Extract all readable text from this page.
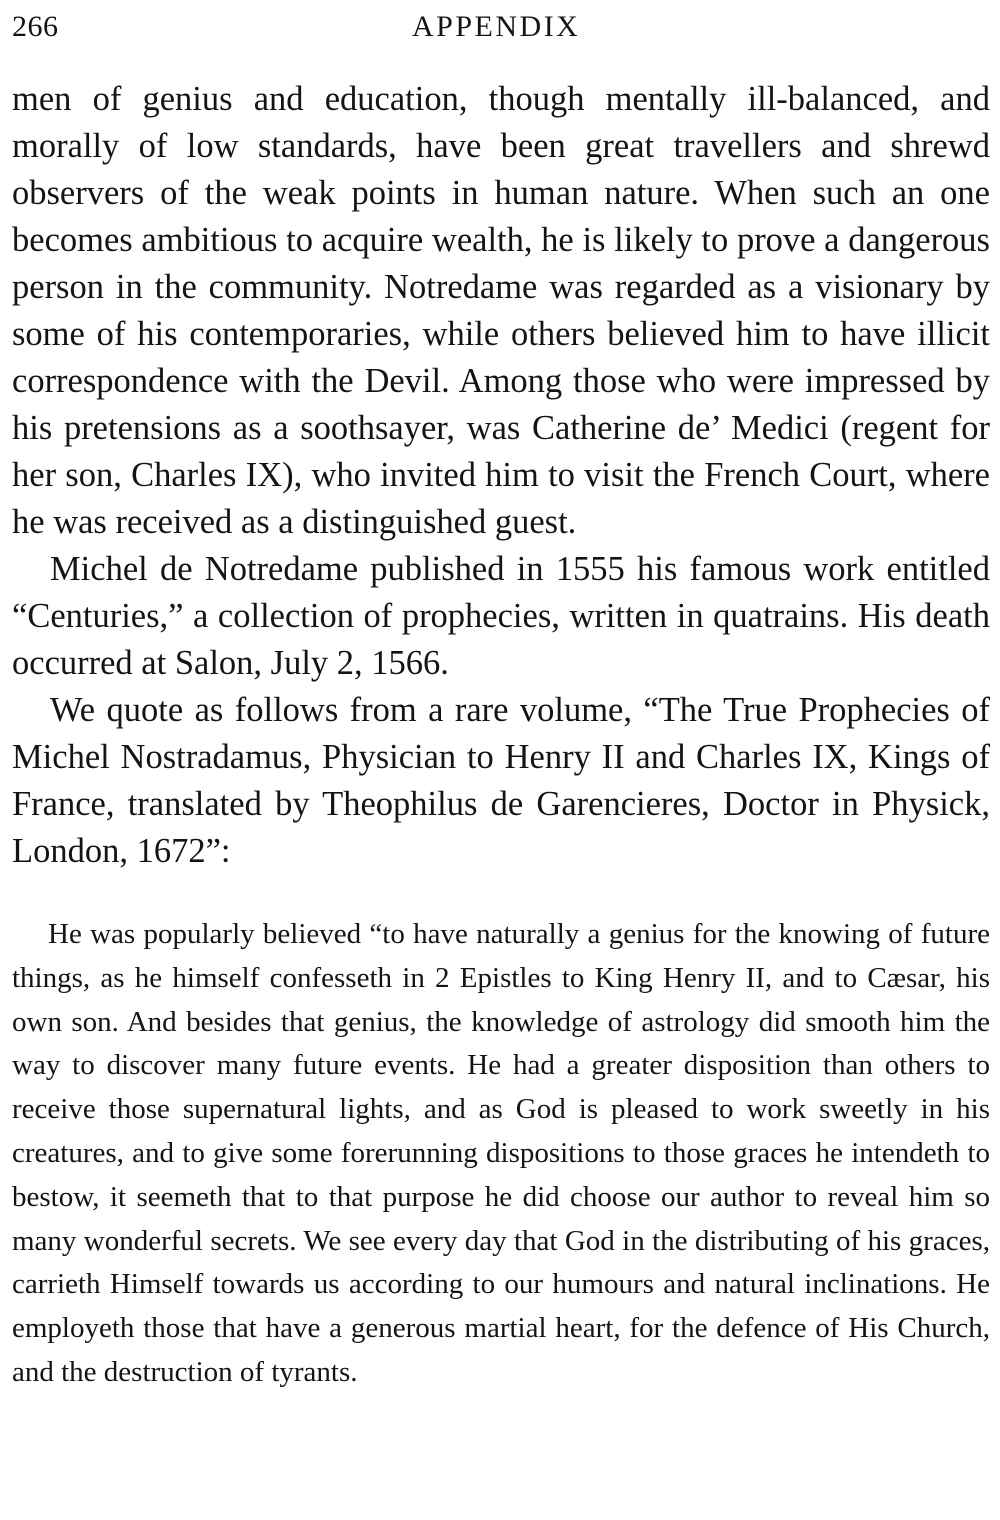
266	APPENDIX

men of genius and education, though mentally ill-balanced, and morally of low standards, have been great travellers and shrewd observers of the weak points in human nature. When such an one becomes ambitious to acquire wealth, he is likely to prove a dangerous person in the community. Notredame was regarded as a visionary by some of his contemporaries, while others believed him to have illicit correspondence with the Devil. Among those who were impressed by his pretensions as a soothsayer, was Catherine de’ Medici (regent for her son, Charles IX), who invited him to visit the French Court, where he was received as a distinguished guest.

Michel de Notredame published in 1555 his famous work entitled “Centuries,” a collection of prophecies, written in quatrains. His death occurred at Salon, July 2, 1566.

We quote as follows from a rare volume, “The True Prophecies of Michel Nostradamus, Physician to Henry II and Charles IX, Kings of France, translated by Theophilus de Garencieres, Doctor in Physick, London, 1672”:

He was popularly believed “to have naturally a genius for the knowing of future things, as he himself confesseth in 2 Epistles to King Henry II, and to Cæsar, his own son. And besides that genius, the knowledge of astrology did smooth him the way to discover many future events. He had a greater disposition than others to receive those supernatural lights, and as God is pleased to work sweetly in his creatures, and to give some forerunning dispositions to those graces he intendeth to bestow, it seemeth that to that purpose he did choose our author to reveal him so many wonderful secrets. We see every day that God in the distributing of his graces, carrieth Himself towards us according to our humours and natural inclinations. He employeth those that have a generous martial heart, for the defence of His Church, and the destruction of tyrants.
